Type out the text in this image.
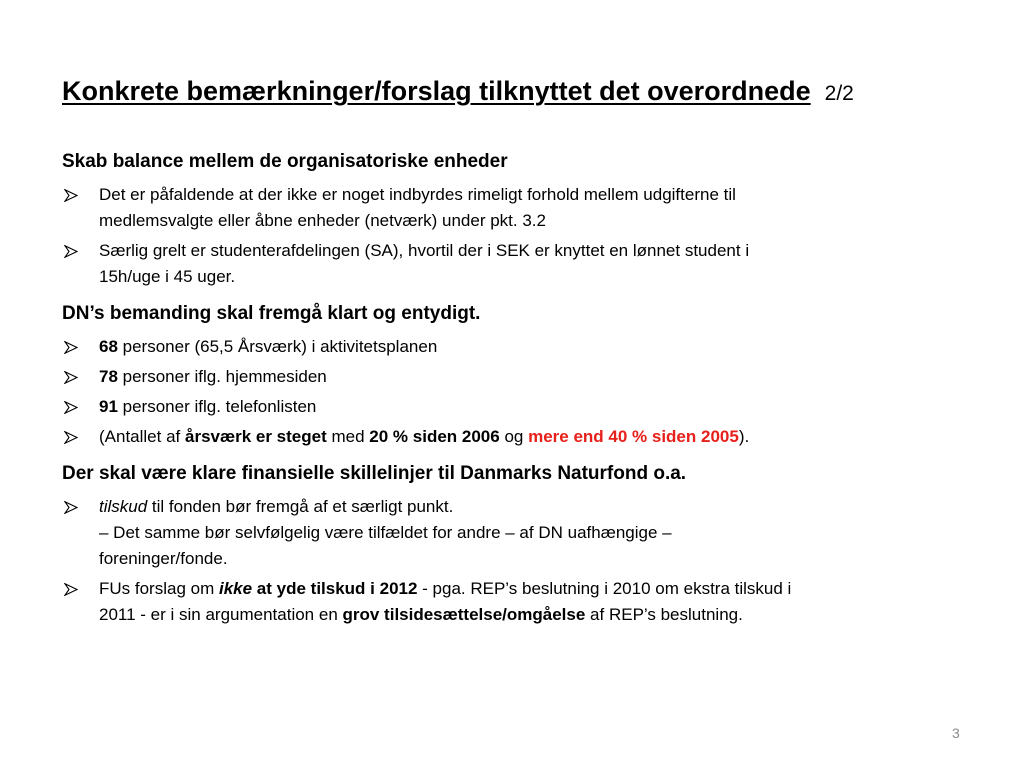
Konkrete bemærkninger/forslag tilknyttet det overordnede 2/2
Skab balance mellem de organisatoriske enheder
Det er påfaldende at der ikke er noget indbyrdes rimeligt forhold mellem udgifterne til
medlemsvalgte eller åbne enheder (netværk) under pkt. 3.2
Særlig grelt er studenterafdelingen (SA), hvortil der i SEK er knyttet en lønnet student i
15h/uge i 45 uger.
DN’s bemanding skal fremgå klart og entydigt.
68 personer (65,5 Årsværk) i aktivitetsplanen
78 personer iflg. hjemmesiden
91 personer iflg. telefonlisten
(Antallet af årsværk er steget med 20 % siden 2006 og mere end 40 % siden 2005).
Der skal være klare finansielle skillelinjer til Danmarks Naturfond o.a.
tilskud til fonden bør fremgå af et særligt punkt.
– Det samme bør selvfølgelig være tilfældet for andre – af DN uafhængige –
foreninger/fonde.
FUs forslag om ikke at yde tilskud i 2012 - pga. REP’s beslutning i 2010 om ekstra tilskud i
2011 - er i sin argumentation en grov tilsidesættelse/omgåelse af REP’s beslutning.
3
